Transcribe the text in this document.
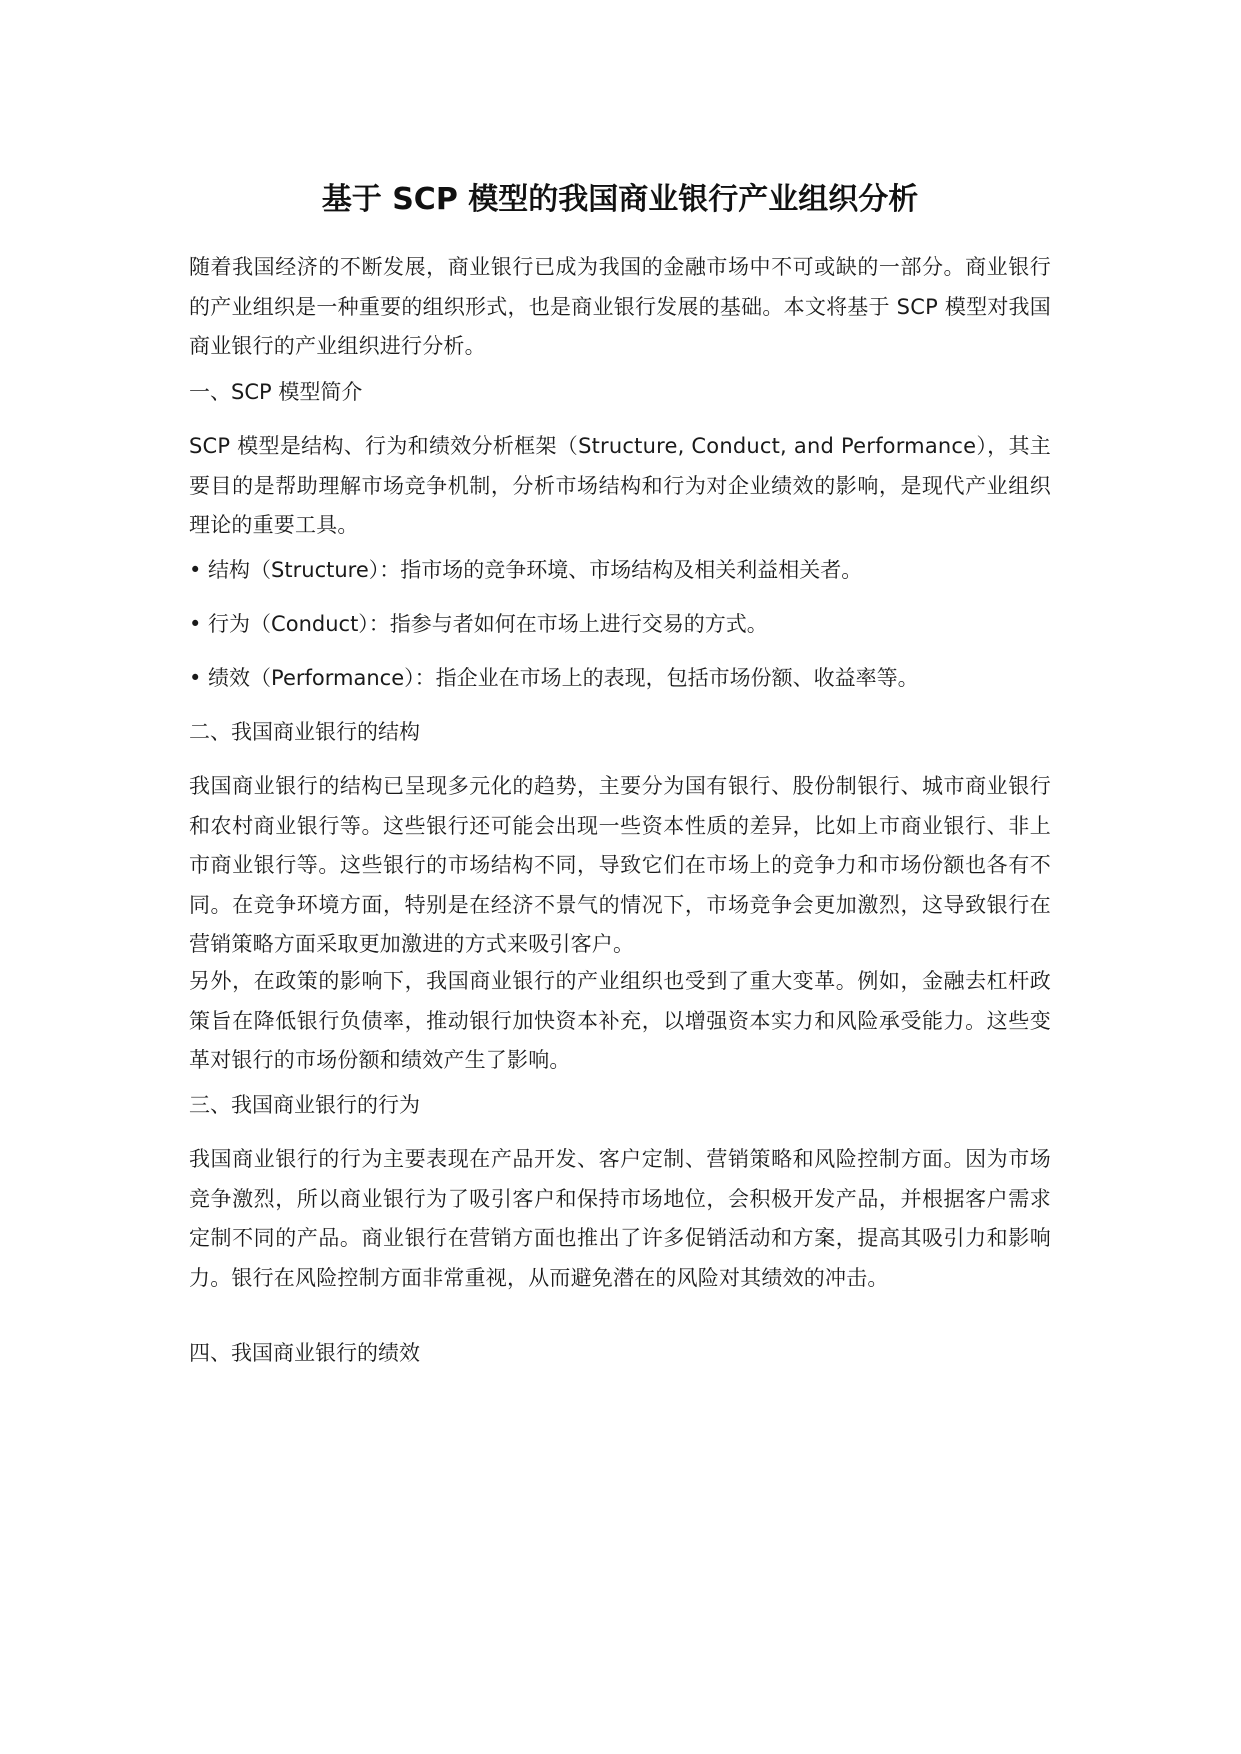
基于 SCP 模型的我国商业银行产业组织分析

随着我国经济的不断发展，商业银行已成为我国的金融市场中不可或缺的一部分。商业银行的产业组织是一种重要的组织形式，也是商业银行发展的基础。本文将基于 SCP 模型对我国商业银行的产业组织进行分析。

一、SCP 模型简介

SCP 模型是结构、行为和绩效分析框架（Structure, Conduct, and Performance），其主要目的是帮助理解市场竞争机制，分析市场结构和行为对企业绩效的影响，是现代产业组织理论的重要工具。

• 结构（Structure）：指市场的竞争环境、市场结构及相关利益相关者。
• 行为（Conduct）：指参与者如何在市场上进行交易的方式。
• 绩效（Performance）：指企业在市场上的表现，包括市场份额、收益率等。
二、我国商业银行的结构

我国商业银行的结构已呈现多元化的趋势，主要分为国有银行、股份制银行、城市商业银行和农村商业银行等。这些银行还可能会出现一些资本性质的差异，比如上市商业银行、非上市商业银行等。这些银行的市场结构不同，导致它们在市场上的竞争力和市场份额也各有不同。在竞争环境方面，特别是在经济不景气的情况下，市场竞争会更加激烈，这导致银行在营销策略方面采取更加激进的方式来吸引客户。

另外，在政策的影响下，我国商业银行的产业组织也受到了重大变革。例如，金融去杠杆政策旨在降低银行负债率，推动银行加快资本补充，以增强资本实力和风险承受能力。这些变革对银行的市场份额和绩效产生了影响。

三、我国商业银行的行为

我国商业银行的行为主要表现在产品开发、客户定制、营销策略和风险控制方面。因为市场竞争激烈，所以商业银行为了吸引客户和保持市场地位，会积极开发产品，并根据客户需求定制不同的产品。商业银行在营销方面也推出了许多促销活动和方案，提高其吸引力和影响力。银行在风险控制方面非常重视，从而避免潜在的风险对其绩效的冲击。

四、我国商业银行的绩效
